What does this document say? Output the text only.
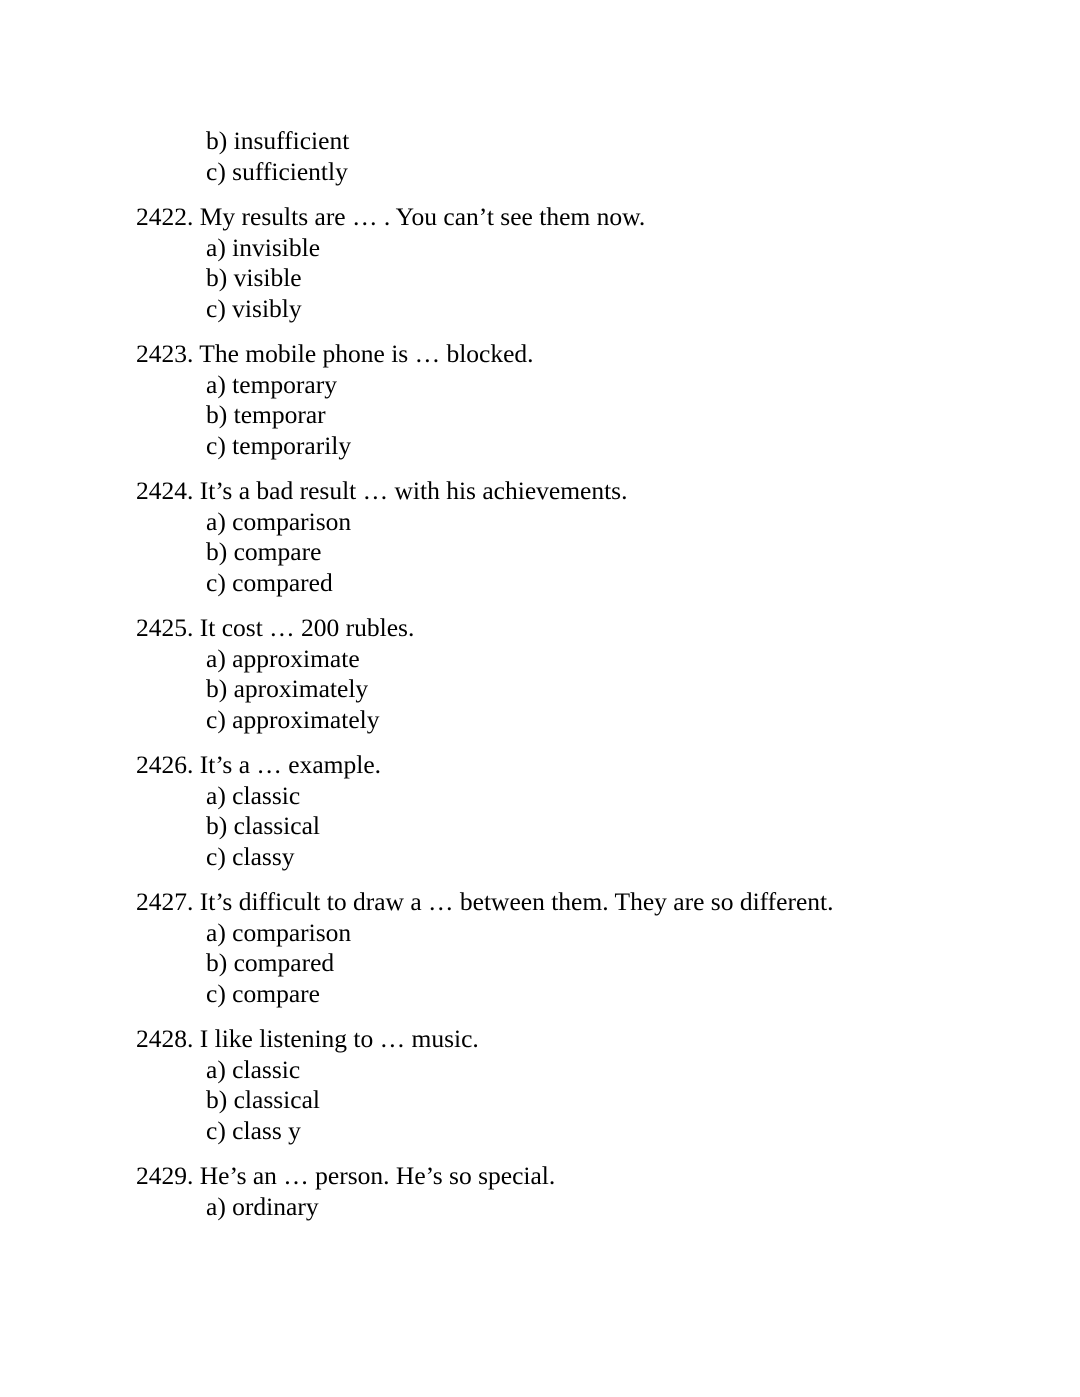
b) insufficient
c) sufficiently
2422. My results are … . You can’t see them now.
a) invisible
b) visible
c) visibly
2423. The mobile phone is … blocked.
a) temporary
b) temporar
c) temporarily
2424. It’s a bad result … with his achievements.
a) comparison
b) compare
c) compared
2425. It cost … 200 rubles.
a) approximate
b) aproximately
c) approximately
2426. It’s a … example.
a) classic
b) classical
c) classy
2427. It’s difficult to draw a … between them. They are so different.
a) comparison
b) compared
c) compare
2428. I like listening to … music.
a) classic
b) classical
c) class y
2429. He’s an … person. He’s so special.
a) ordinary
